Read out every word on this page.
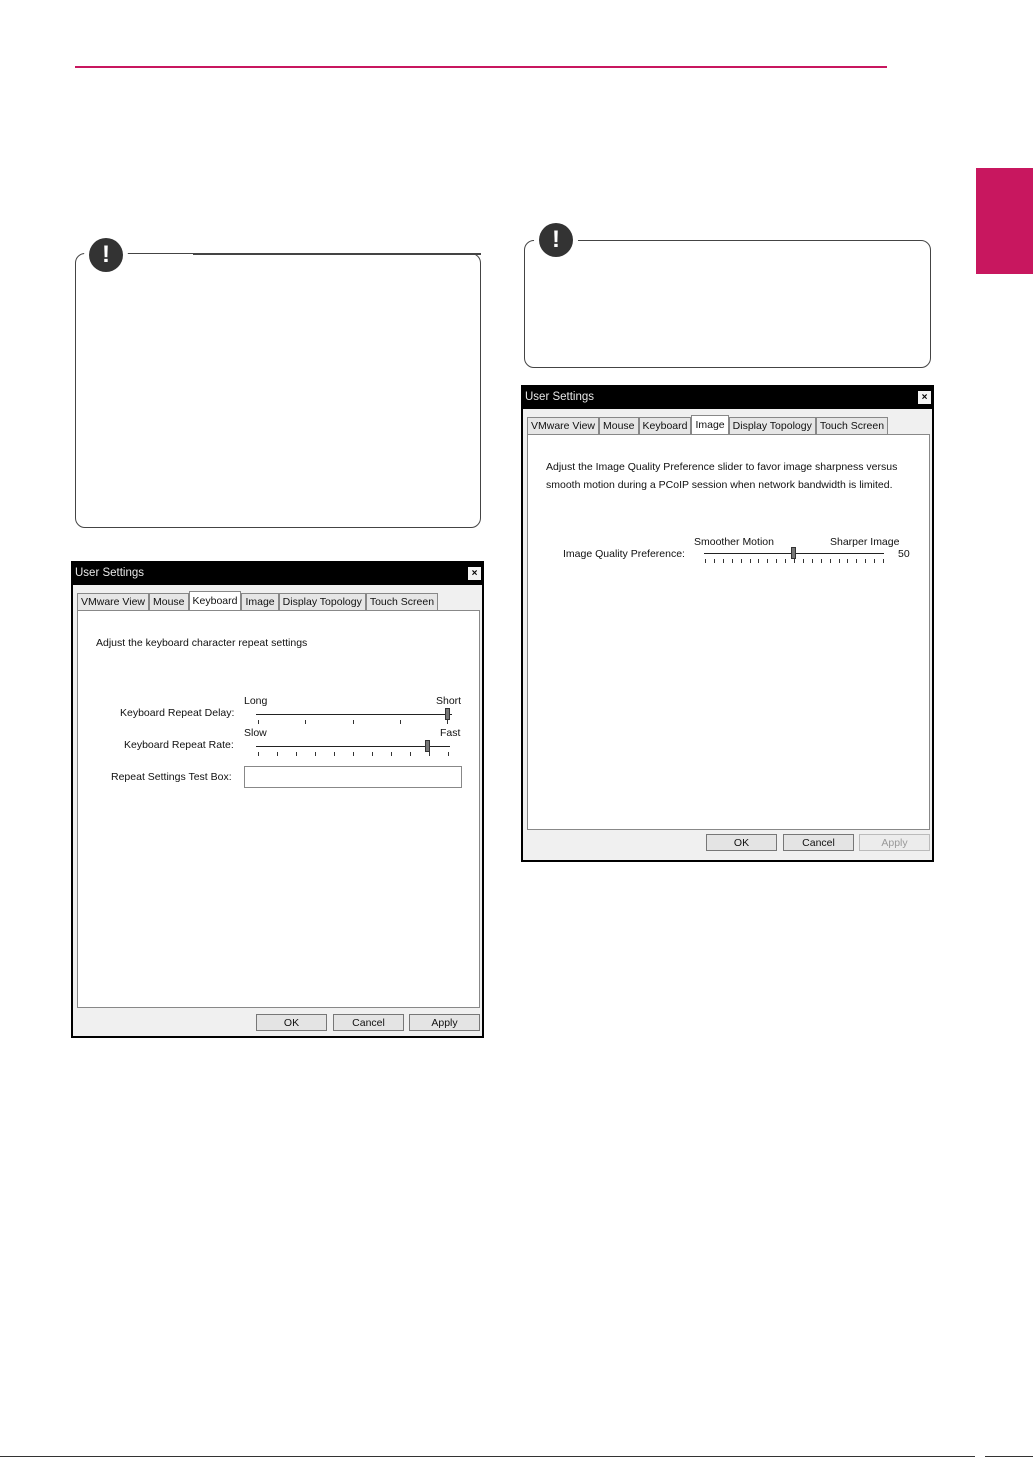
!
!
User Settings	×
VMware View Mouse Keyboard Image Display Topology Touch Screen
Adjust the keyboard character repeat settings
Keyboard Repeat Delay:
Long	Short
Keyboard Repeat Rate:
Slow	Fast
Repeat Settings Test Box:
OK	Cancel	Apply
User Settings	×
VMware View Mouse Keyboard Image Display Topology Touch Screen
Adjust the Image Quality Preference slider to favor image sharpness versus
smooth motion during a PCoIP session when network bandwidth is limited.
Image Quality Preference:
Smoother Motion	Sharper Image
50
OK	Cancel	Apply
